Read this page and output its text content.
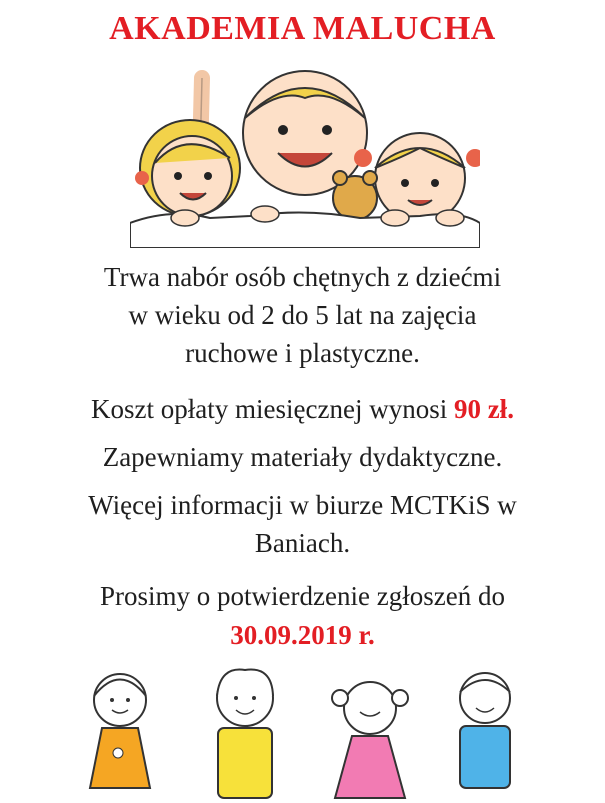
AKADEMIA MALUCHA
Trwa nabór osób chętnych z dziećmi
w wieku od 2 do 5 lat na zajęcia
ruchowe i plastyczne.
Koszt opłaty miesięcznej wynosi 90 zł.
Zapewniamy materiały dydaktyczne.
Więcej informacji w biurze MCTKiS w
Baniach.
Prosimy o potwierdzenie zgłoszeń do
30.09.2019 r.
